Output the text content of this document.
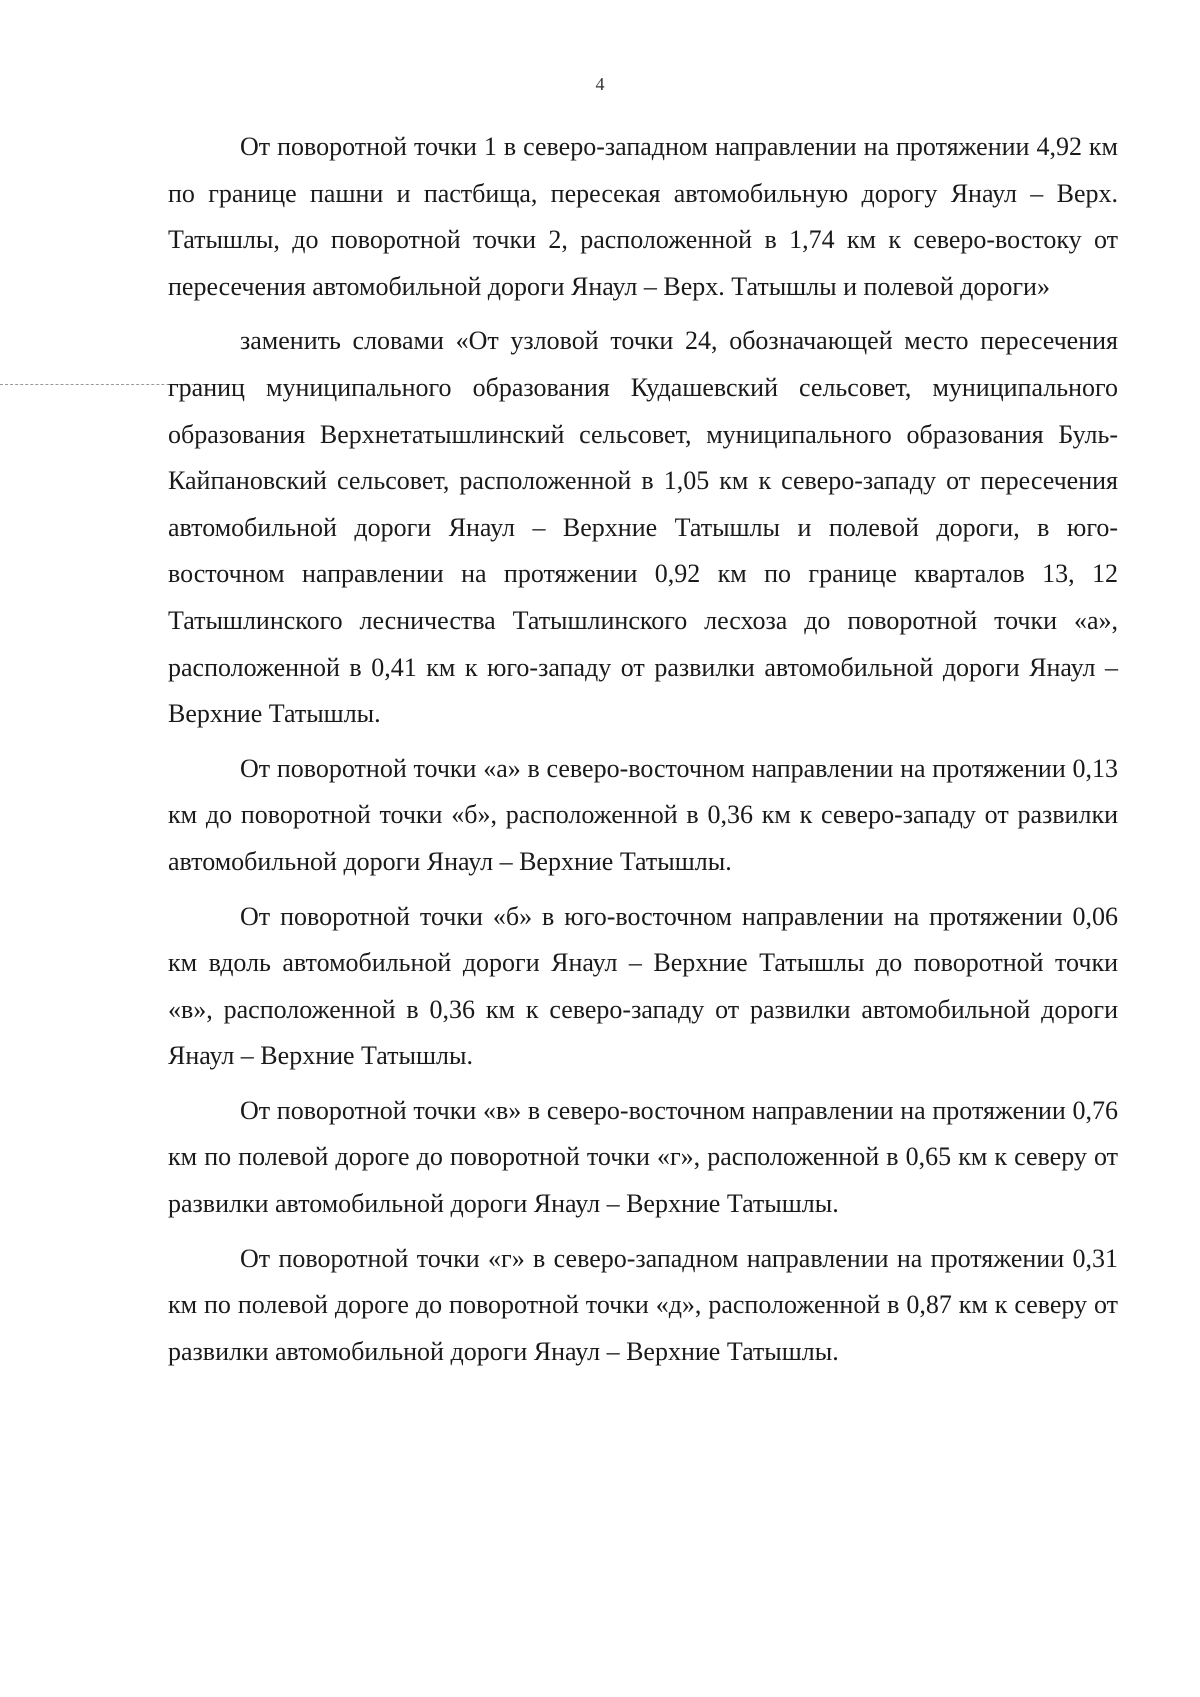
4

От поворотной точки 1 в северо-западном направлении на протяжении 4,92 км по границе пашни и пастбища, пересекая автомобильную дорогу Янаул – Верх. Татышлы, до поворотной точки 2, расположенной в 1,74 км к северо-востоку от пересечения автомобильной дороги Янаул – Верх. Татышлы и полевой дороги»

заменить словами «От узловой точки 24, обозначающей место пересечения границ муниципального образования Кудашевский сельсовет, муниципального образования Верхнетатышлинский сельсовет, муниципального образования Буль-Кайпановский сельсовет, расположенной в 1,05 км к северо-западу от пересечения автомобильной дороги Янаул – Верхние Татышлы и полевой дороги, в юго-восточном направлении на протяжении 0,92 км по границе кварталов 13, 12 Татышлинского лесничества Татышлинского лесхоза до поворотной точки «а», расположенной в 0,41 км к юго-западу от развилки автомобильной дороги Янаул – Верхние Татышлы.

От поворотной точки «а» в северо-восточном направлении на протяжении 0,13 км до поворотной точки «б», расположенной в 0,36 км к северо-западу от развилки автомобильной дороги Янаул – Верхние Татышлы.

От поворотной точки «б» в юго-восточном направлении на протяжении 0,06 км вдоль автомобильной дороги Янаул – Верхние Татышлы до поворотной точки «в», расположенной в 0,36 км к северо-западу от развилки автомобильной дороги Янаул – Верхние Татышлы.

От поворотной точки «в» в северо-восточном направлении на протяжении 0,76 км по полевой дороге до поворотной точки «г», расположенной в 0,65 км к северу от развилки автомобильной дороги Янаул – Верхние Татышлы.

От поворотной точки «г» в северо-западном направлении на протяжении 0,31 км по полевой дороге до поворотной точки «д», расположенной в 0,87 км к северу от развилки автомобильной дороги Янаул – Верхние Татышлы.
